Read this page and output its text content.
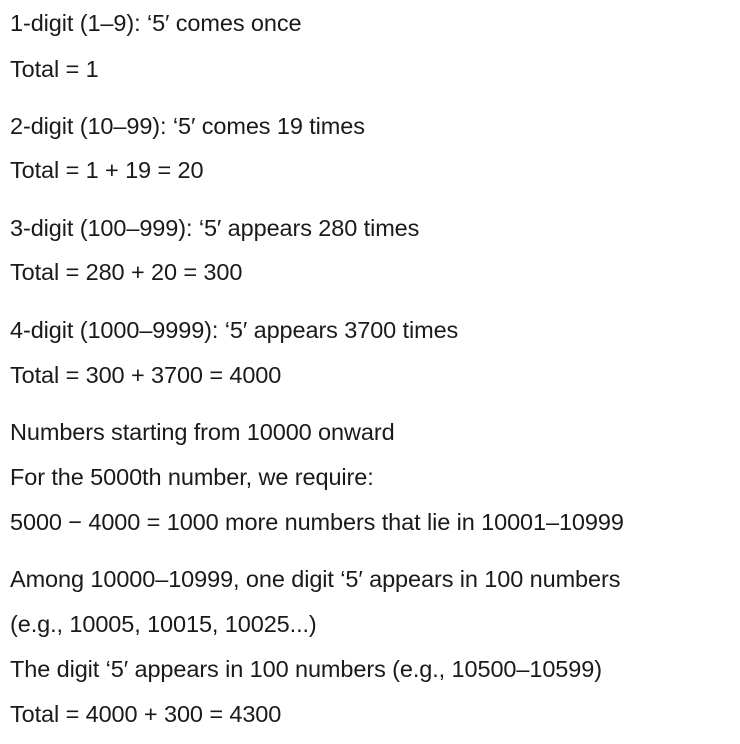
1-digit (1–9): ‘5′ comes once
Total = 1
2-digit (10–99): ‘5′ comes 19 times
Total = 1 + 19 = 20
3-digit (100–999): ‘5′ appears 280 times
Total = 280 + 20 = 300
4-digit (1000–9999): ‘5′ appears 3700 times
Total = 300 + 3700 = 4000
Numbers starting from 10000 onward
For the 5000th number, we require:
5000 − 4000 = 1000 more numbers that lie in 10001–10999
Among 10000–10999, one digit ‘5′ appears in 100 numbers
(e.g., 10005, 10015, 10025...)
The digit ‘5′ appears in 100 numbers (e.g., 10500–10599)
Total = 4000 + 300 = 4300
